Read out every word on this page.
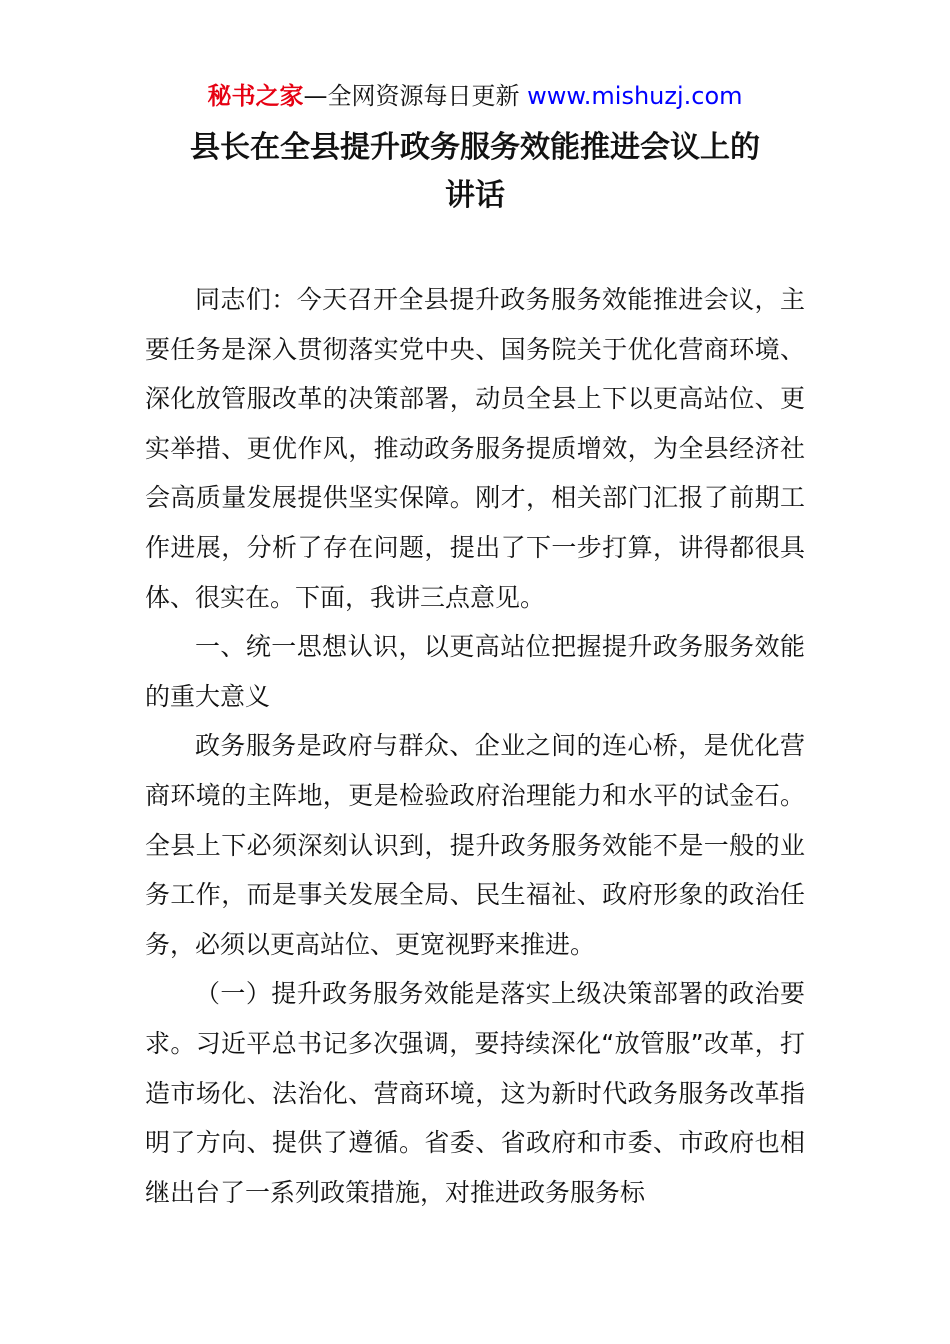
秘书之家—全网资源每日更新 www.mishuzj.com
县长在全县提升政务服务效能推进会议上的
讲话

同志们：今天召开全县提升政务服务效能推进会议，主要任务是深入贯彻落实党中央、国务院关于优化营商环境、深化放管服改革的决策部署，动员全县上下以更高站位、更实举措、更优作风，推动政务服务提质增效，为全县经济社会高质量发展提供坚实保障。刚才，相关部门汇报了前期工作进展，分析了存在问题，提出了下一步打算，讲得都很具体、很实在。下面，我讲三点意见。

一、统一思想认识，以更高站位把握提升政务服务效能的重大意义

政务服务是政府与群众、企业之间的连心桥，是优化营商环境的主阵地，更是检验政府治理能力和水平的试金石。全县上下必须深刻认识到，提升政务服务效能不是一般的业务工作，而是事关发展全局、民生福祉、政府形象的政治任务，必须以更高站位、更宽视野来推进。

（一）提升政务服务效能是落实上级决策部署的政治要求。习近平总书记多次强调，要持续深化“放管服”改革，打造市场化、法治化、营商环境，这为新时代政务服务改革指明了方向、提供了遵循。省委、省政府和市委、市政府也相继出台了一系列政策措施，对推进政务服务标
